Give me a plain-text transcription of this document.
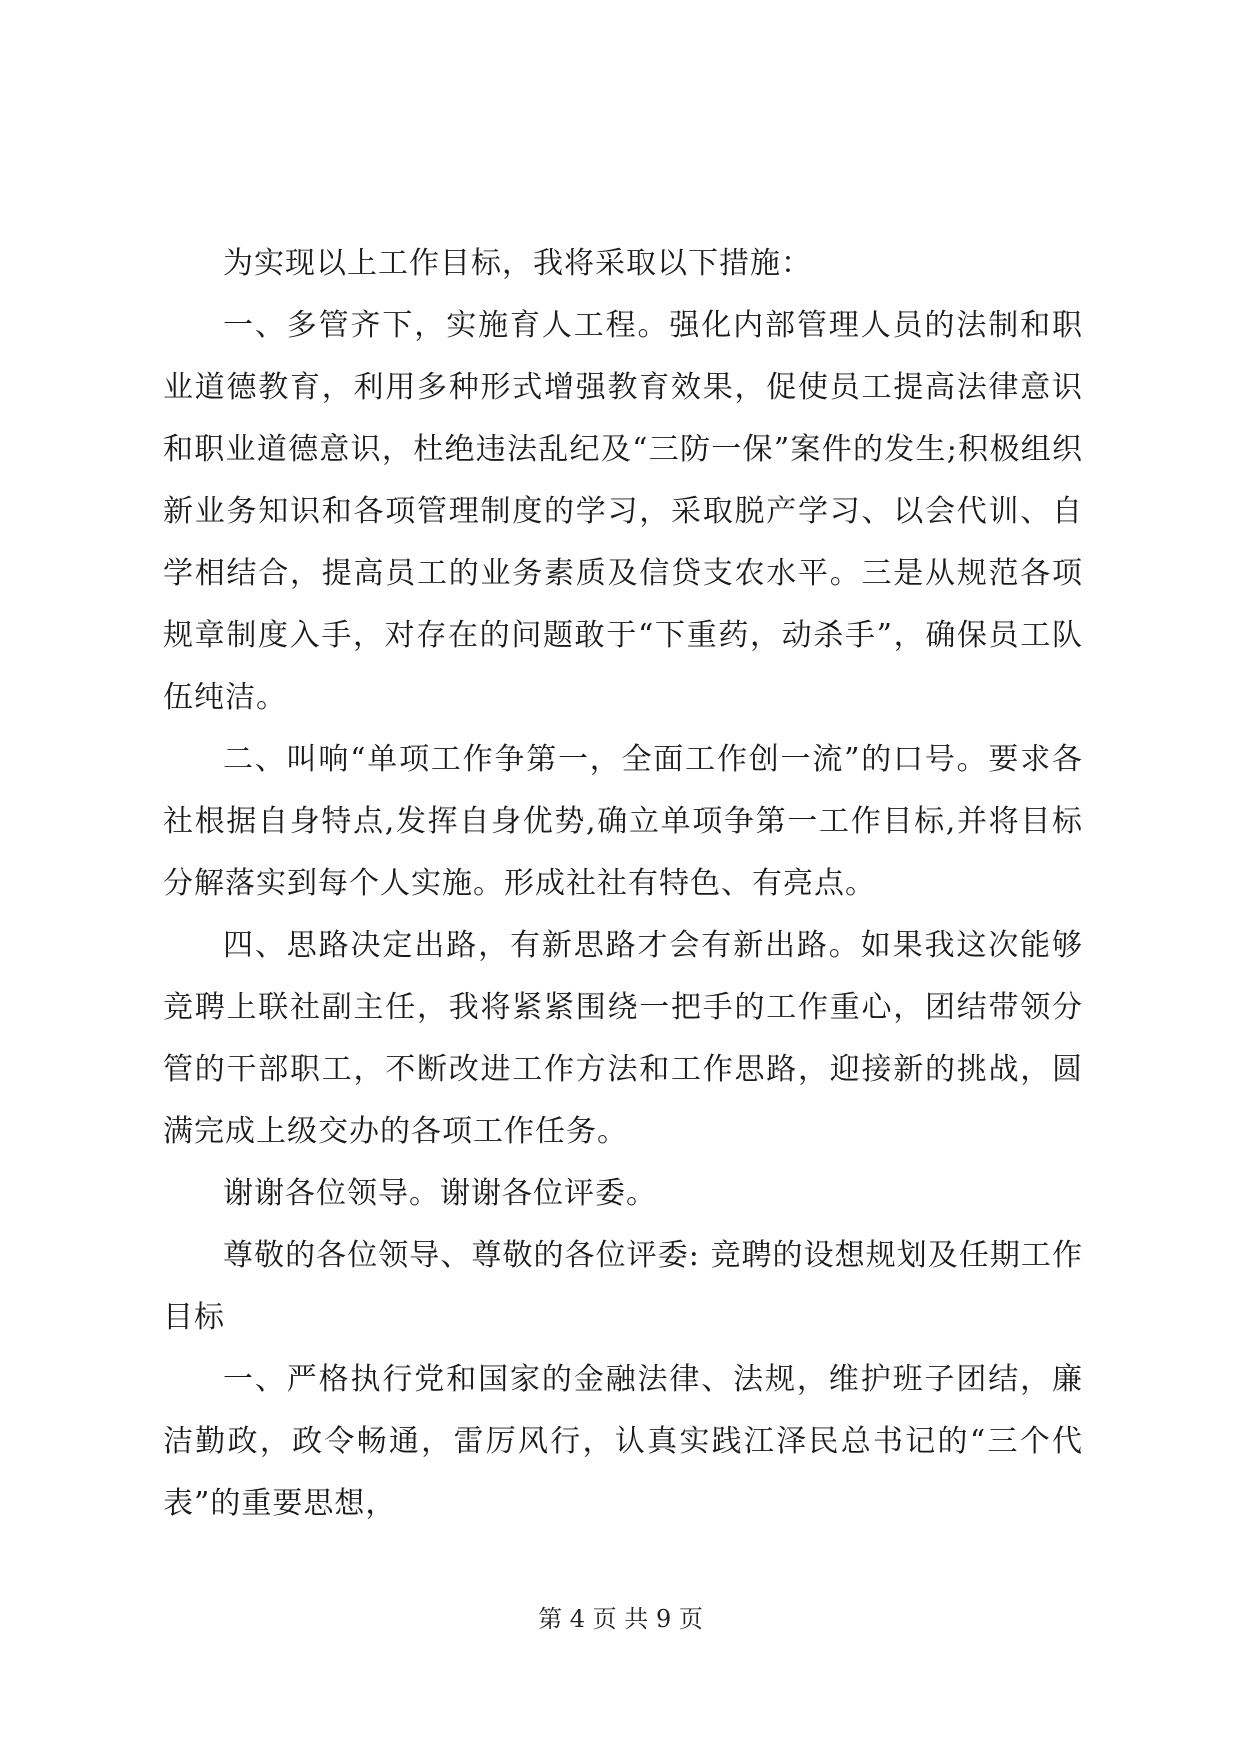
为实现以上工作目标，我将采取以下措施：

一、多管齐下，实施育人工程。强化内部管理人员的法制和职业道德教育，利用多种形式增强教育效果，促使员工提高法律意识和职业道德意识，杜绝违法乱纪及“三防一保”案件的发生;积极组织新业务知识和各项管理制度的学习，采取脱产学习、以会代训、自学相结合，提高员工的业务素质及信贷支农水平。三是从规范各项规章制度入手，对存在的问题敢于“下重药，动杀手”，确保员工队伍纯洁。

二、叫响“单项工作争第一，全面工作创一流”的口号。要求各社根据自身特点,发挥自身优势,确立单项争第一工作目标,并将目标分解落实到每个人实施。形成社社有特色、有亮点。

四、思路决定出路，有新思路才会有新出路。如果我这次能够竞聘上联社副主任，我将紧紧围绕一把手的工作重心，团结带领分管的干部职工，不断改进工作方法和工作思路，迎接新的挑战，圆满完成上级交办的各项工作任务。

谢谢各位领导。谢谢各位评委。

尊敬的各位领导、尊敬的各位评委: 竞聘的设想规划及任期工作目标

一、严格执行党和国家的金融法律、法规，维护班子团结，廉洁勤政，政令畅通，雷厉风行，认真实践江泽民总书记的“三个代表”的重要思想，

第 4 页 共 9 页
